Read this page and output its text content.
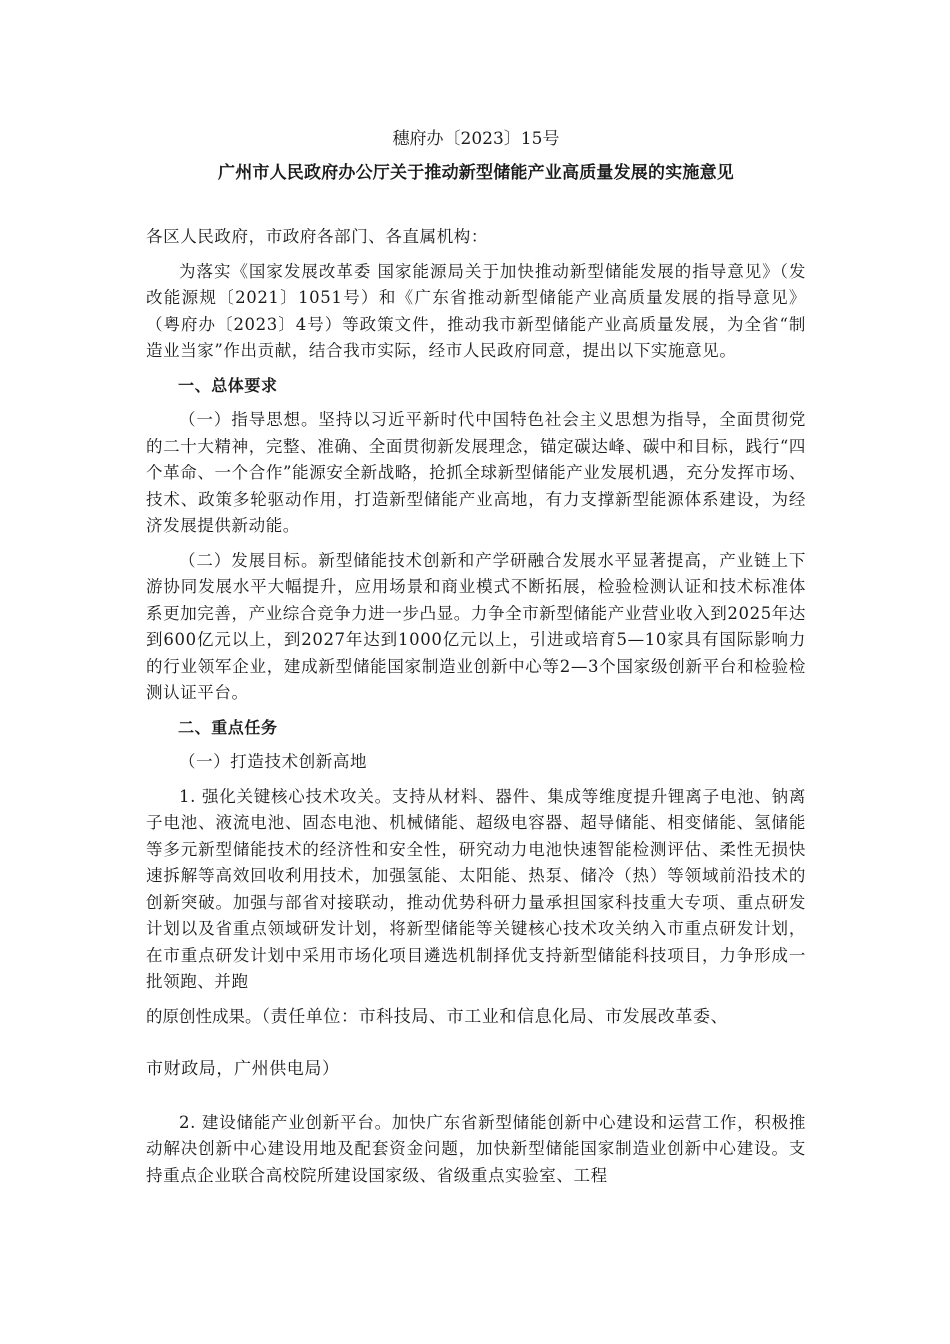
穗府办〔2023〕15号

广州市人民政府办公厅关于推动新型储能产业高质量发展的实施意见

各区人民政府，市政府各部门、各直属机构：

为落实《国家发展改革委 国家能源局关于加快推动新型储能发展的指导意见》（发改能源规〔2021〕1051号）和《广东省推动新型储能产业高质量发展的指导意见》（粤府办〔2023〕4号）等政策文件，推动我市新型储能产业高质量发展，为全省“制造业当家”作出贡献，结合我市实际，经市人民政府同意，提出以下实施意见。

一、总体要求

（一）指导思想。坚持以习近平新时代中国特色社会主义思想为指导，全面贯彻党的二十大精神，完整、准确、全面贯彻新发展理念，锚定碳达峰、碳中和目标，践行“四个革命、一个合作”能源安全新战略，抢抓全球新型储能产业发展机遇，充分发挥市场、技术、政策多轮驱动作用，打造新型储能产业高地，有力支撑新型能源体系建设，为经济发展提供新动能。

（二）发展目标。新型储能技术创新和产学研融合发展水平显著提高，产业链上下游协同发展水平大幅提升，应用场景和商业模式不断拓展，检验检测认证和技术标准体系更加完善，产业综合竞争力进一步凸显。力争全市新型储能产业营业收入到2025年达到600亿元以上，到2027年达到1000亿元以上，引进或培育5—10家具有国际影响力的行业领军企业，建成新型储能国家制造业创新中心等2—3个国家级创新平台和检验检测认证平台。

二、重点任务

（一）打造技术创新高地

1. 强化关键核心技术攻关。支持从材料、器件、集成等维度提升锂离子电池、钠离子电池、液流电池、固态电池、机械储能、超级电容器、超导储能、相变储能、氢储能等多元新型储能技术的经济性和安全性，研究动力电池快速智能检测评估、柔性无损快速拆解等高效回收利用技术，加强氢能、太阳能、热泵、储冷（热）等领域前沿技术的创新突破。加强与部省对接联动，推动优势科研力量承担国家科技重大专项、重点研发计划以及省重点领域研发计划，将新型储能等关键核心技术攻关纳入市重点研发计划，在市重点研发计划中采用市场化项目遴选机制择优支持新型储能科技项目，力争形成一批领跑、并跑

的原创性成果。（责任单位：市科技局、市工业和信息化局、市发展改革委、

市财政局，广州供电局）

2. 建设储能产业创新平台。加快广东省新型储能创新中心建设和运营工作，积极推动解决创新中心建设用地及配套资金问题，加快新型储能国家制造业创新中心建设。支持重点企业联合高校院所建设国家级、省级重点实验室、工程
